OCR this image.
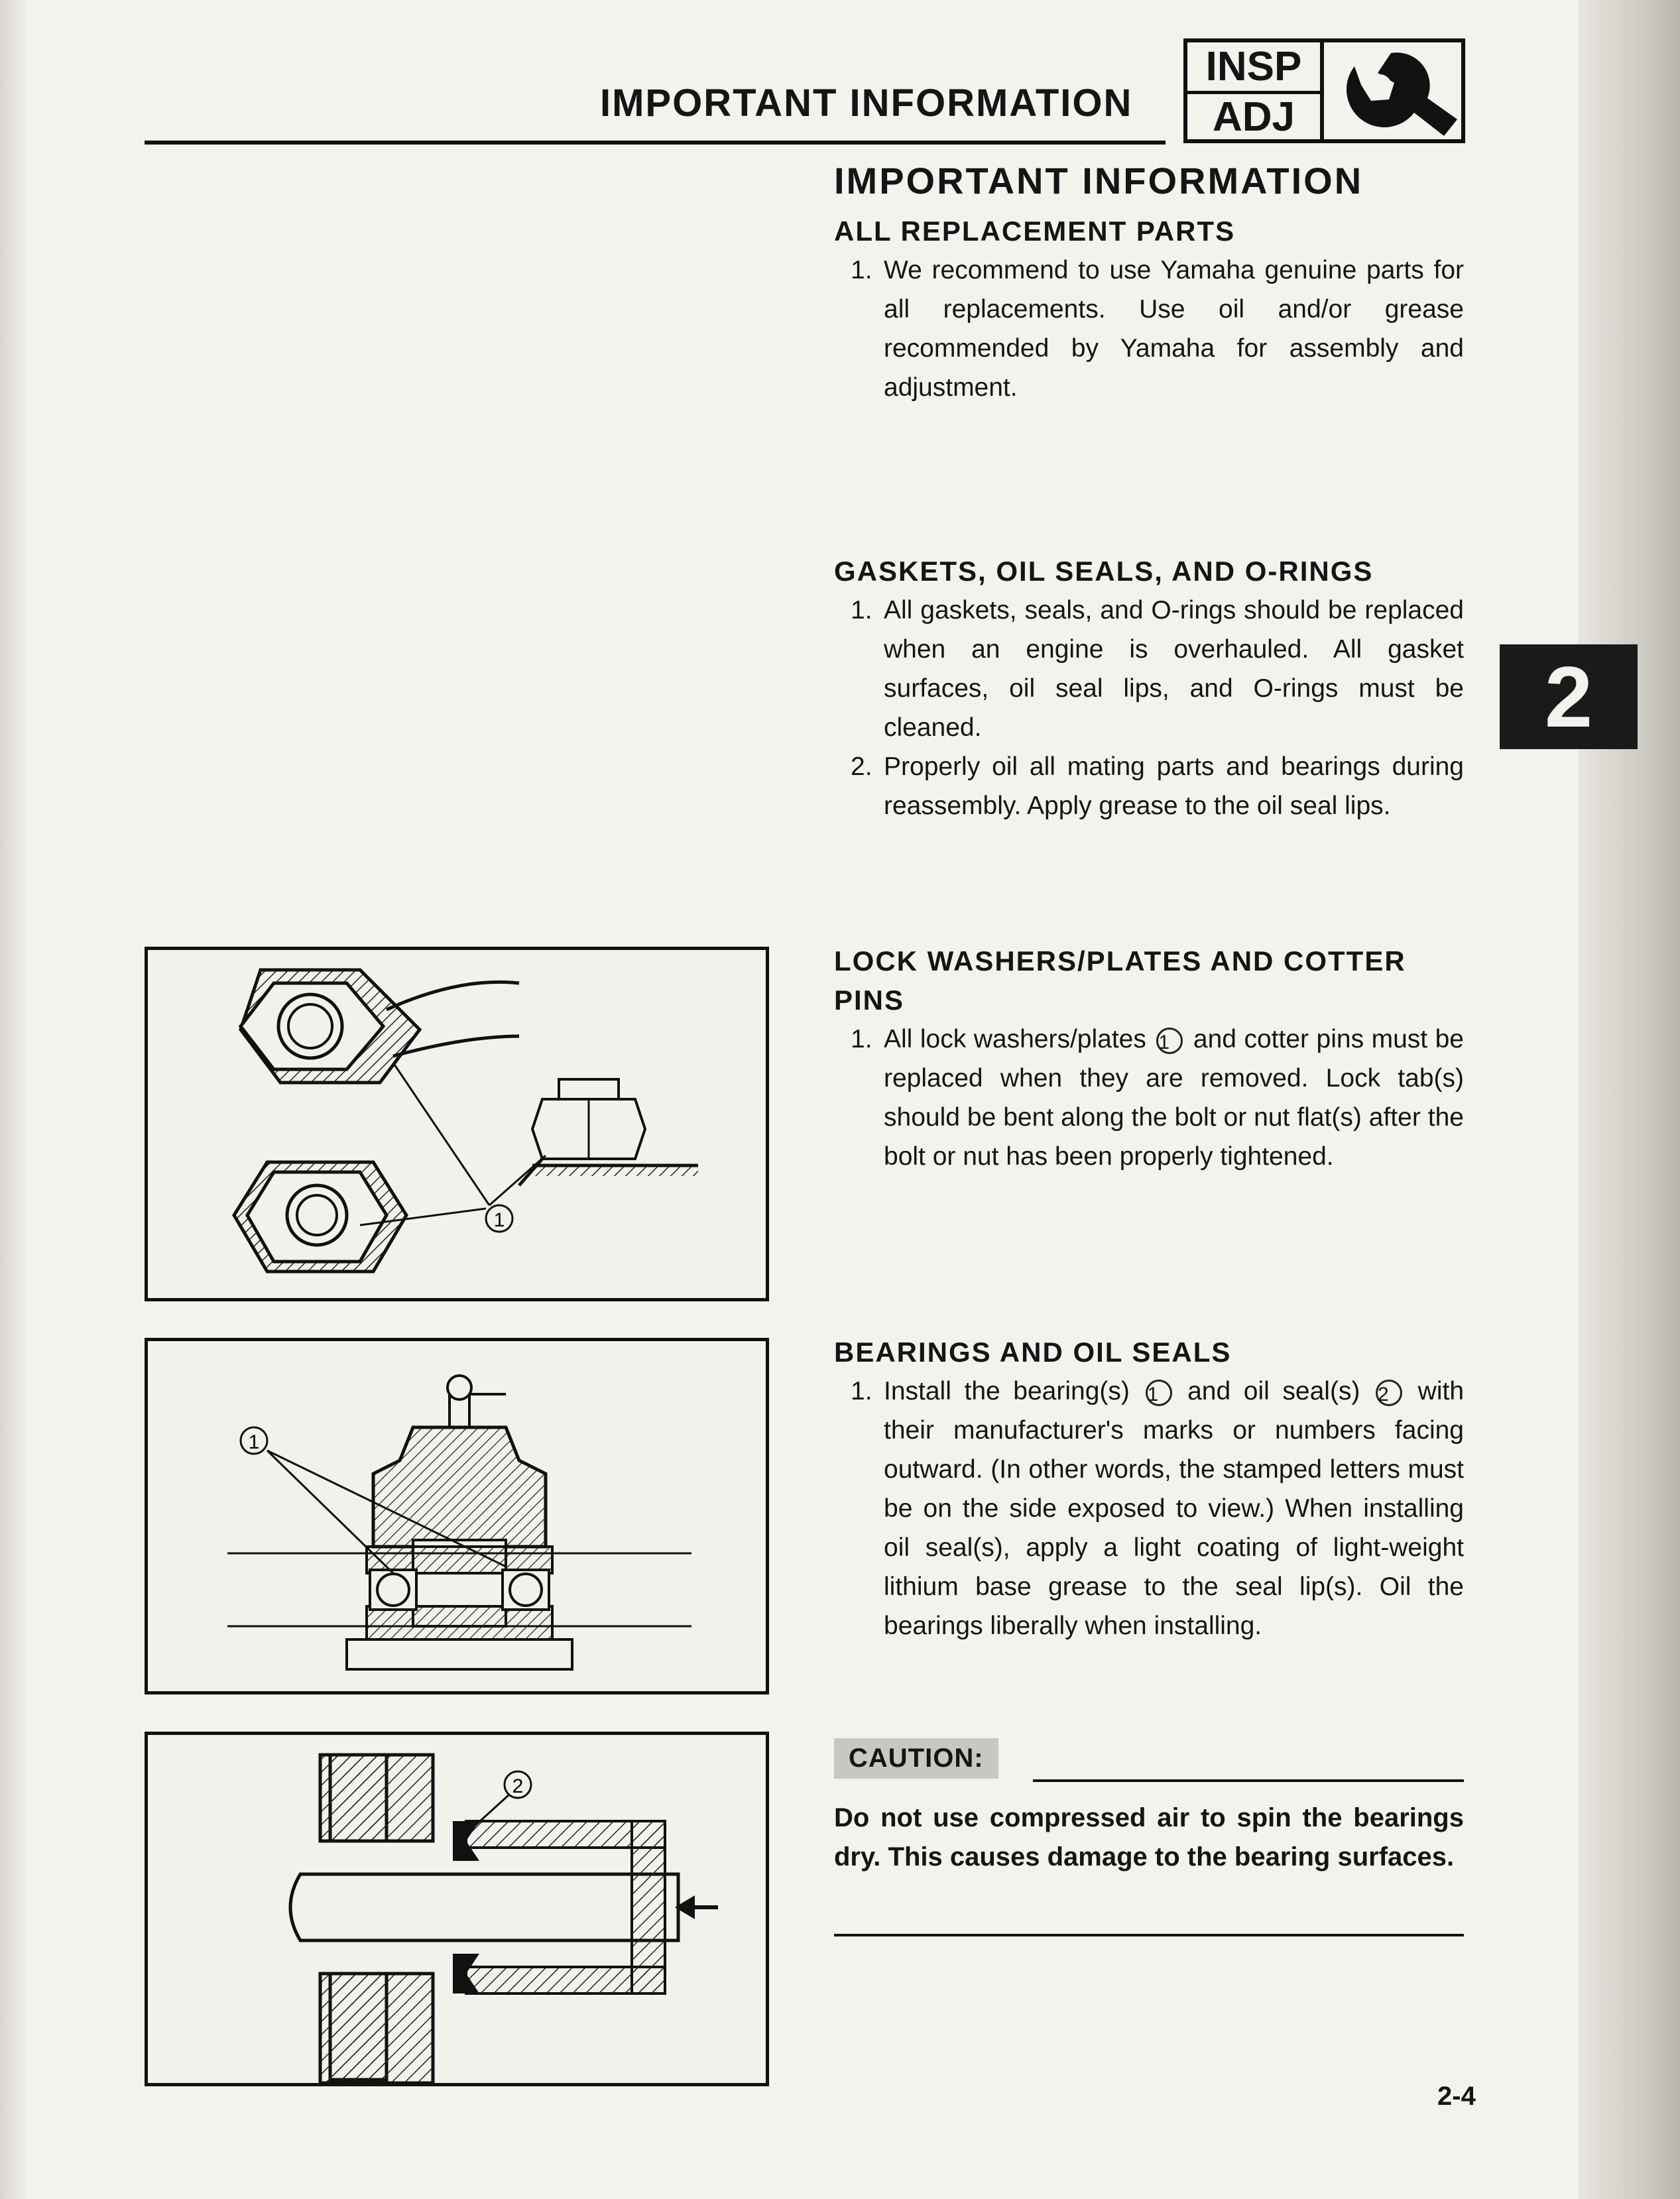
IMPORTANT INFORMATION
INSP
ADJ
IMPORTANT INFORMATION
ALL REPLACEMENT PARTS
1. We recommend to use Yamaha genuine parts for all replacements. Use oil and/or grease recommended by Yamaha for assembly and adjustment.
GASKETS, OIL SEALS, AND O-RINGS
1. All gaskets, seals, and O-rings should be replaced when an engine is overhauled. All gasket surfaces, oil seal lips, and O-rings must be cleaned.
2. Properly oil all mating parts and bearings during reassembly. Apply grease to the oil seal lips.
LOCK WASHERS/PLATES AND COTTER
PINS
1. All lock washers/plates 1 and cotter pins must be replaced when they are removed. Lock tab(s) should be bent along the bolt or nut flat(s) after the bolt or nut has been properly tightened.
BEARINGS AND OIL SEALS
1. Install the bearing(s) 1 and oil seal(s) 2 with their manufacturer's marks or numbers facing outward. (In other words, the stamped letters must be on the side exposed to view.) When installing oil seal(s), apply a light coating of light-weight lithium base grease to the seal lip(s). Oil the bearings liberally when installing.
CAUTION:
Do not use compressed air to spin the bearings dry. This causes damage to the bearing surfaces.
2
1
1
2
2-4
